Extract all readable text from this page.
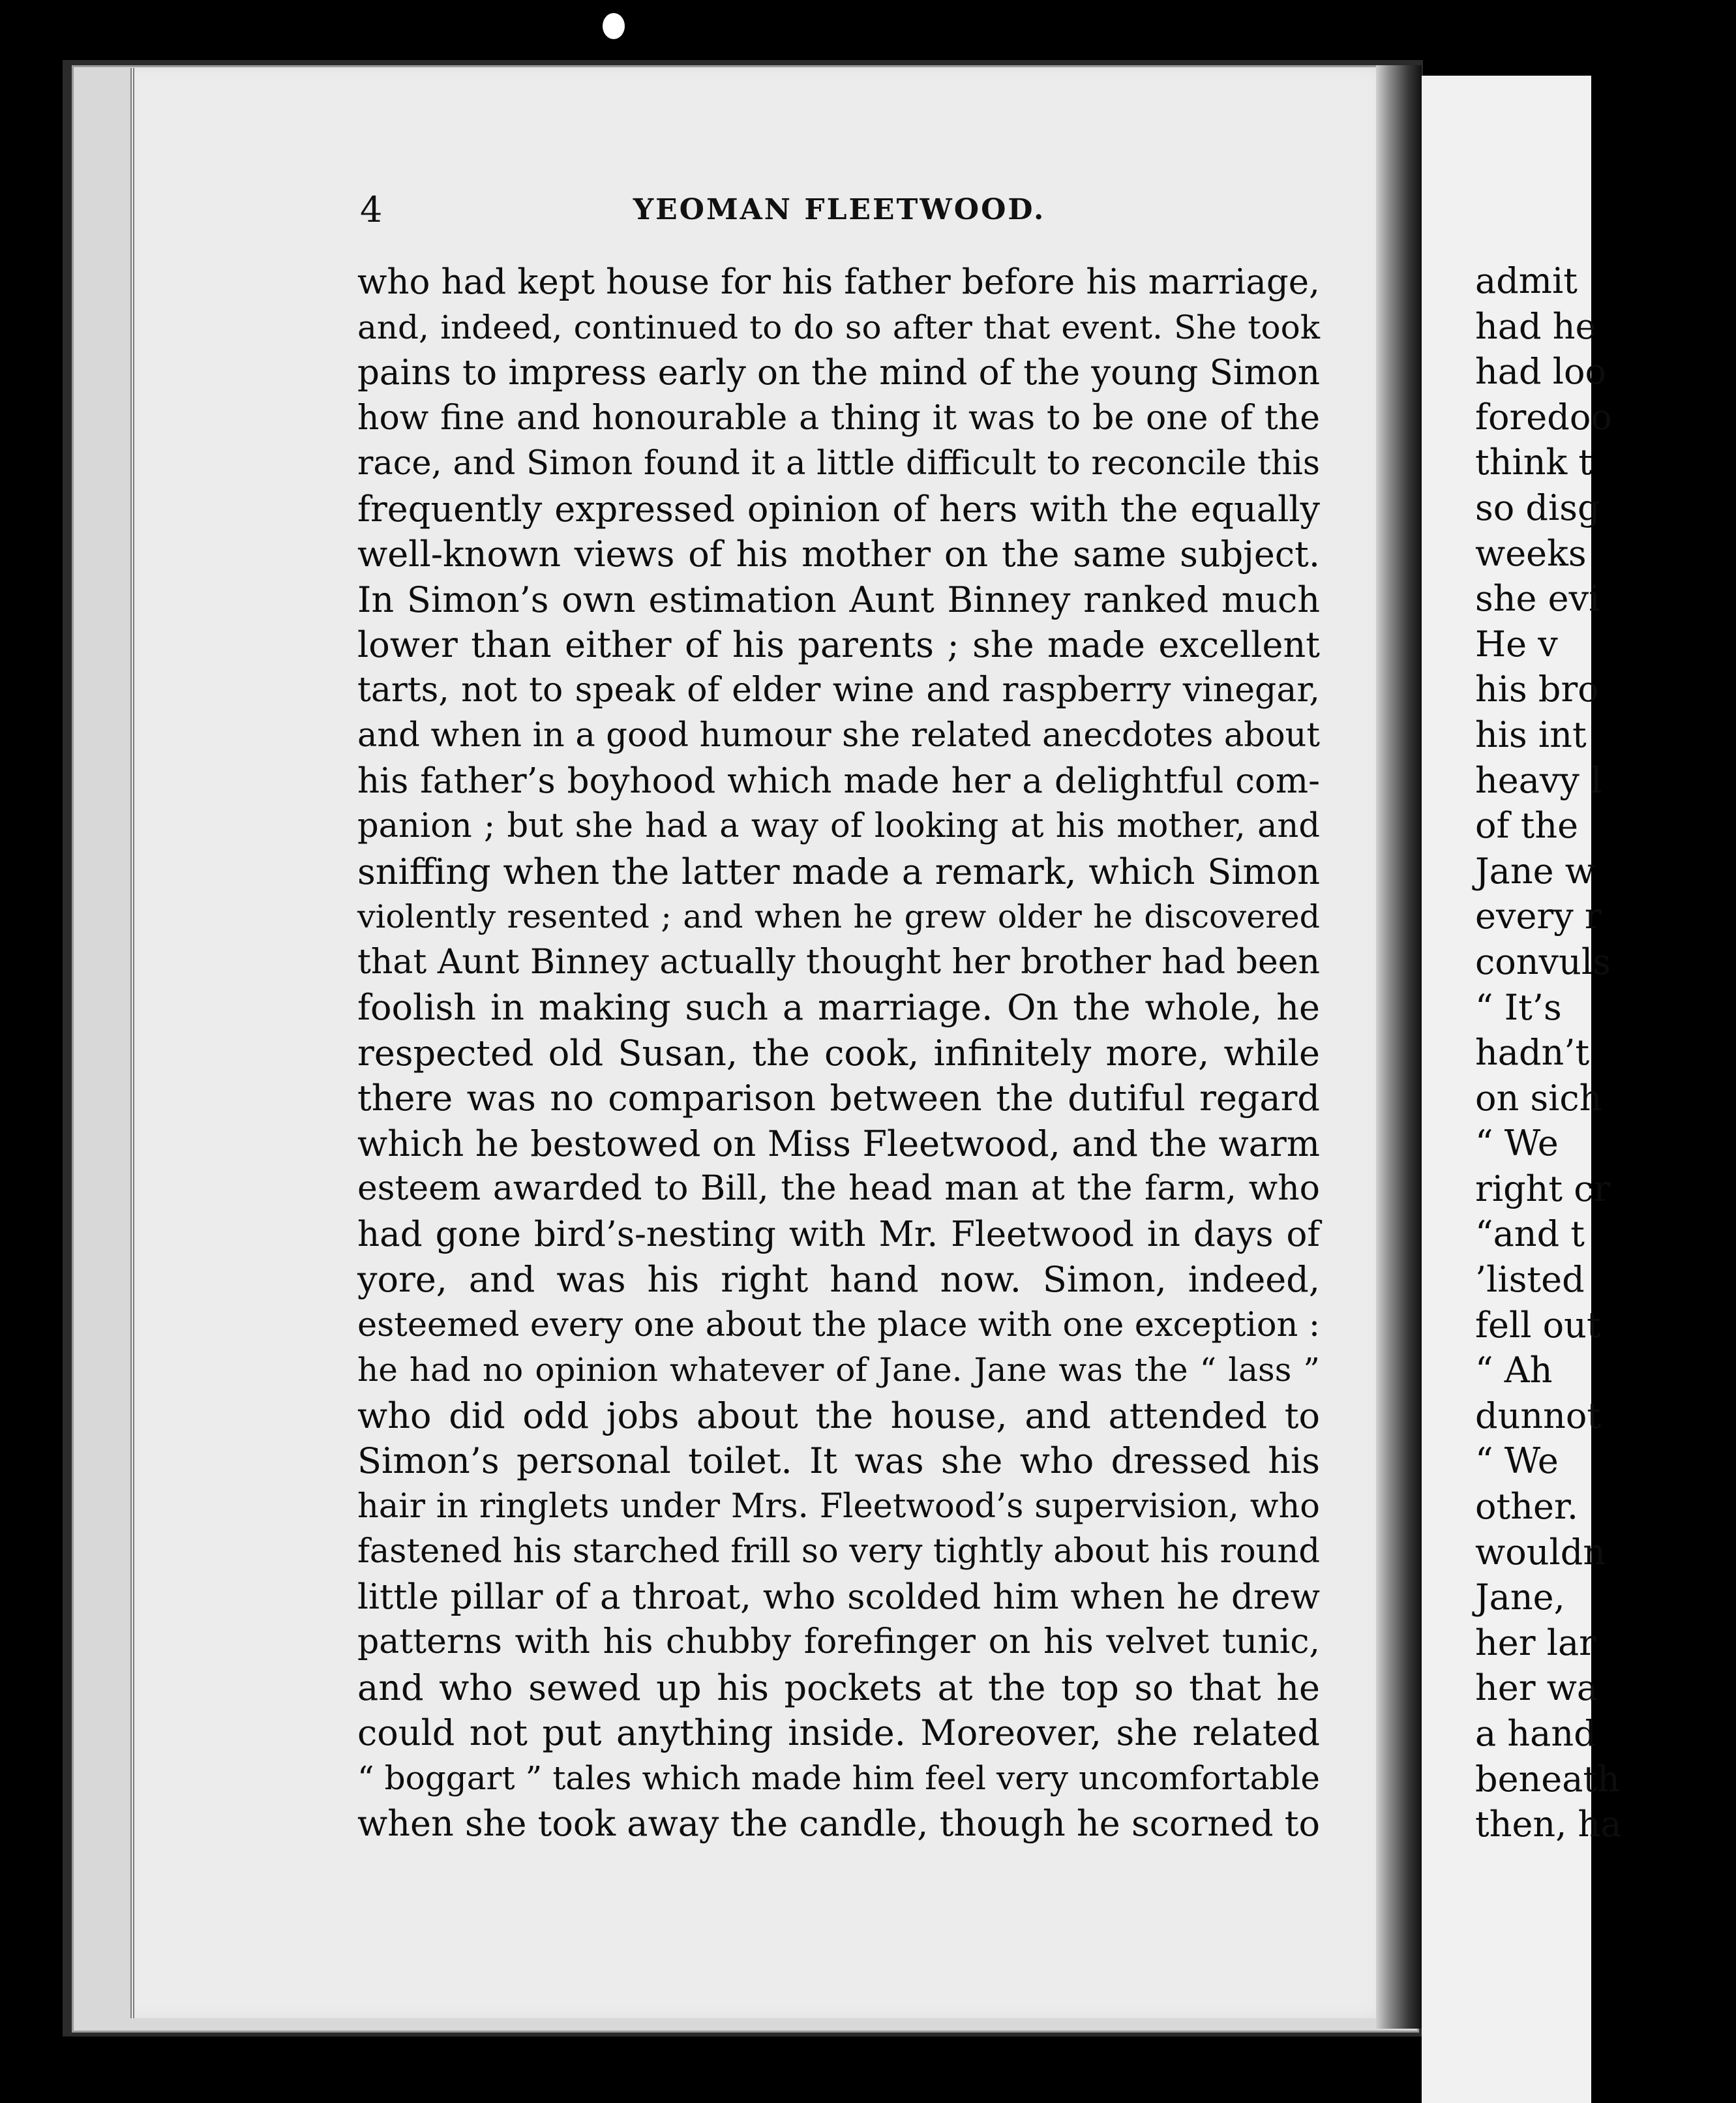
admit
had he
had loo
foredoo
think t
so disg
weeks
she evi
He v
his bro
his int
heavy l
of the
Jane w
every r
convuls
“ It’s
hadn’t
on sich
“ We
right cr
“and t
’listed
fell out
“ Ah
dunnot
“ We
other.
wouldn
Jane,
her lar
her wa
a hand
beneath
then, ha
4	YEOMAN FLEETWOOD.
who had kept house for his father before his marriage,
and, indeed, continued to do so after that event. She took
pains to impress early on the mind of the young Simon
how fine and honourable a thing it was to be one of the
race, and Simon found it a little difficult to reconcile this
frequently expressed opinion of hers with the equally
well-known views of his mother on the same subject.
In Simon’s own estimation Aunt Binney ranked much
lower than either of his parents ; she made excellent
tarts, not to speak of elder wine and raspberry vinegar,
and when in a good humour she related anecdotes about
his father’s boyhood which made her a delightful com-
panion ; but she had a way of looking at his mother, and
sniffing when the latter made a remark, which Simon
violently resented ; and when he grew older he discovered
that Aunt Binney actually thought her brother had been
foolish in making such a marriage. On the whole, he
respected old Susan, the cook, infinitely more, while
there was no comparison between the dutiful regard
which he bestowed on Miss Fleetwood, and the warm
esteem awarded to Bill, the head man at the farm, who
had gone bird’s-nesting with Mr. Fleetwood in days of
yore, and was his right hand now. Simon, indeed,
esteemed every one about the place with one exception :
he had no opinion whatever of Jane. Jane was the “ lass ”
who did odd jobs about the house, and attended to
Simon’s personal toilet. It was she who dressed his
hair in ringlets under Mrs. Fleetwood’s supervision, who
fastened his starched frill so very tightly about his round
little pillar of a throat, who scolded him when he drew
patterns with his chubby forefinger on his velvet tunic,
and who sewed up his pockets at the top so that he
could not put anything inside. Moreover, she related
“ boggart ” tales which made him feel very uncomfortable
when she took away the candle, though he scorned to
